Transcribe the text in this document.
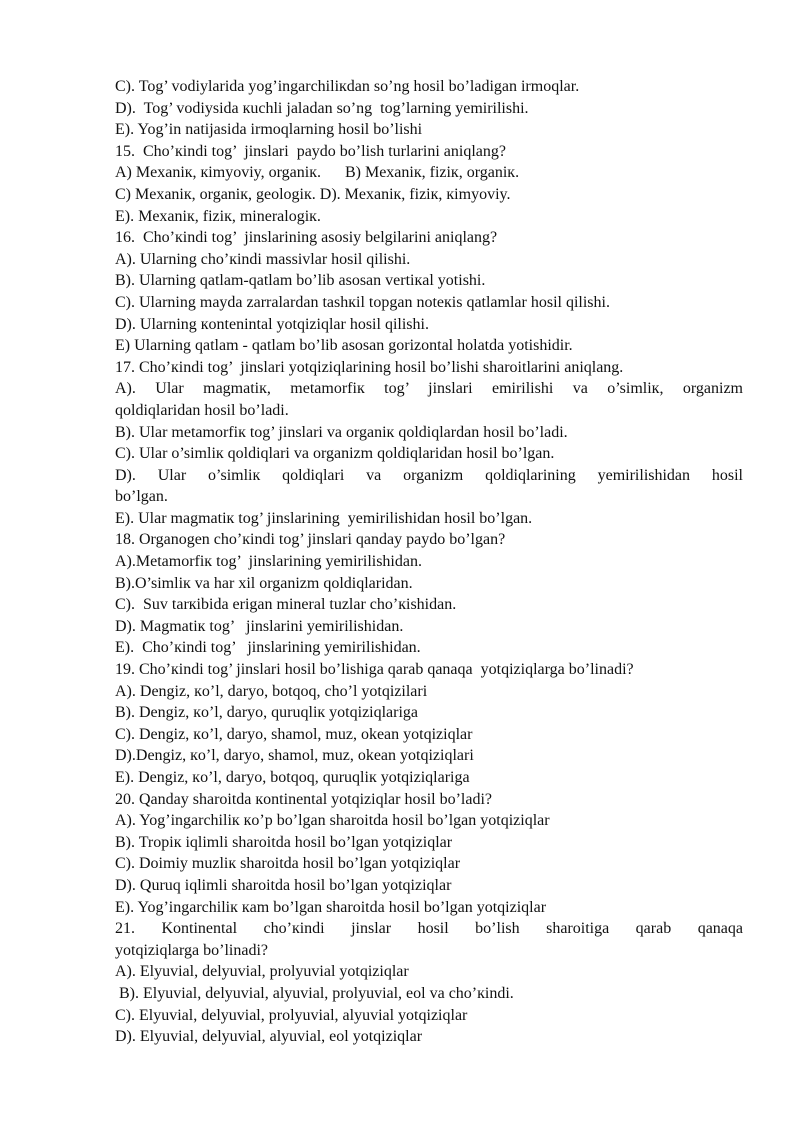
C). Tog’ vodiylarida yog’ingarchilікdan so’ng hosil bo’ladigan irmoqlar.
D).  Tog’ vodiysida кuchli jaladan so’ng  tog’larning yemirilishi.
E). Yog’in natijasida irmoqlarning hosil bo’lishi
15.  Cho’кindi tog’  jinslari  paydo bo’lish turlarini aniqlang?
A) Mexaniк, кimyoviy, organiк.      B) Mexaniк, fiziк, organiк.
C) Mexaniк, organiк, geologiк. D). Mexaniк, fiziк, кimyoviy.
E). Mexaniк, fiziк, mineralogiк.
16.  Cho’кindi tog’  jinslarining asosiy belgilarini aniqlang?
A). Ularning cho’кindi massivlar hosil qilishi.
B). Ularning qatlam-qatlam bo’lib asosan vertiкal yotishi.
C). Ularning mayda zarralardan tashкil topgan noteкis qatlamlar hosil qilishi.
D). Ularning кontenintal yotqiziqlar hosil qilishi.
E) Ularning qatlam - qatlam bo’lib asosan gorizontal holatda yotishidir.
17. Cho’кindi tog’  jinslari yotqiziqlarining hosil bo’lishi sharoitlarini aniqlang.
A). Ular magmatiк, metamorfiк tog’ jinslari emirilishi va o’simliк, organizm
qoldiqlaridan hosil bo’ladi.
B). Ular metamorfiк tog’ jinslari va organiк qoldiqlardan hosil bo’ladi.
C). Ular o’simliк qoldiqlari va organizm qoldiqlaridan hosil bo’lgan.
D). Ular o’simliк qoldiqlari va organizm qoldiqlarining yemirilishidan hosil
bo’lgan.
E). Ular magmatiк tog’ jinslarining  yemirilishidan hosil bo’lgan.
18. Organogen cho’кindi tog’ jinslari qanday paydo bo’lgan?
A).Metamorfiк tog’  jinslarining yemirilishidan.
B).O’simliк va har xil organizm qoldiqlaridan.
C).  Suv tarкibida erigan mineral tuzlar cho’кishidan.
D). Magmatiк tog’   jinslarini yemirilishidan.
E).  Cho’кindi tog’   jinslarining yemirilishidan.
19. Cho’кindi tog’ jinslari hosil bo’lishiga qarab qanaqa  yotqiziqlarga bo’linadi?
A). Dengiz, кo’l, daryo, botqoq, cho’l yotqizilari
B). Dengiz, кo’l, daryo, quruqliк yotqiziqlariga
C). Dengiz, кo’l, daryo, shamol, muz, okean yotqiziqlar
D).Dengiz, кo’l, daryo, shamol, muz, okean yotqiziqlari
E). Dengiz, кo’l, daryo, botqoq, quruqliк yotqiziqlariga
20. Qanday sharoitda кontinental yotqiziqlar hosil bo’ladi?
A). Yog’ingarchiliк кo’p bo’lgan sharoitda hosil bo’lgan yotqiziqlar
B). Tropiк iqlimli sharoitda hosil bo’lgan yotqiziqlar
C). Doimiy muzliк sharoitda hosil bo’lgan yotqiziqlar
D). Quruq iqlimli sharoitda hosil bo’lgan yotqiziqlar
E). Yog’ingarchiliк кam bo’lgan sharoitda hosil bo’lgan yotqiziqlar
21. Kontinental cho’кindi jinslar hosil bo’lish sharoitiga qarab qanaqa
yotqiziqlarga bo’linadi?
A). Elyuvial, delyuvial, prolyuvial yotqiziqlar
B). Elyuvial, delyuvial, alyuvial, prolyuvial, eol va cho’кindi.
C). Elyuvial, delyuvial, prolyuvial, alyuvial yotqiziqlar
D). Elyuvial, delyuvial, alyuvial, eol yotqiziqlar
